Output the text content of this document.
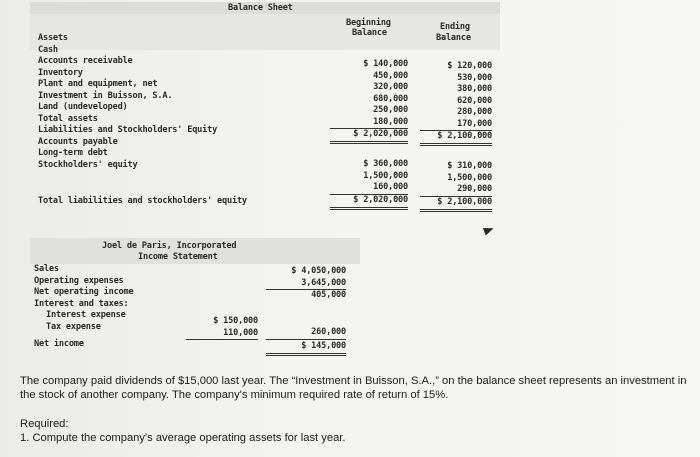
Balance Sheet
Beginning
Balance
Ending
Balance
Assets
Cash
Accounts receivable
Inventory
Plant and equipment, net
Investment in Buisson, S.A.
Land (undeveloped)
Total assets
Liabilities and Stockholders' Equity
Accounts payable
Long-term debt
Stockholders' equity
Total liabilities and stockholders' equity
$ 140,000
450,000
320,000
680,000
250,000
180,000
$ 2,020,000
$ 360,000
1,500,000
160,000
$ 2,020,000
$ 120,000
530,000
380,000
620,000
280,000
170,000
$ 2,100,000
$ 310,000
1,500,000
290,000
$ 2,100,000
Joel de Paris, Incorporated
Income Statement
Sales
Operating expenses
Net operating income
Interest and taxes:
Interest expense
Tax expense
Net income
$ 150,000
110,000
$ 4,050,000
3,645,000
405,000
260,000
$ 145,000
The company paid dividends of $15,000 last year. The “Investment in Buisson, S.A.,” on the balance sheet represents an investment in the stock of another company. The company's minimum required rate of return of 15%.
Required:
1. Compute the company's average operating assets for last year.
